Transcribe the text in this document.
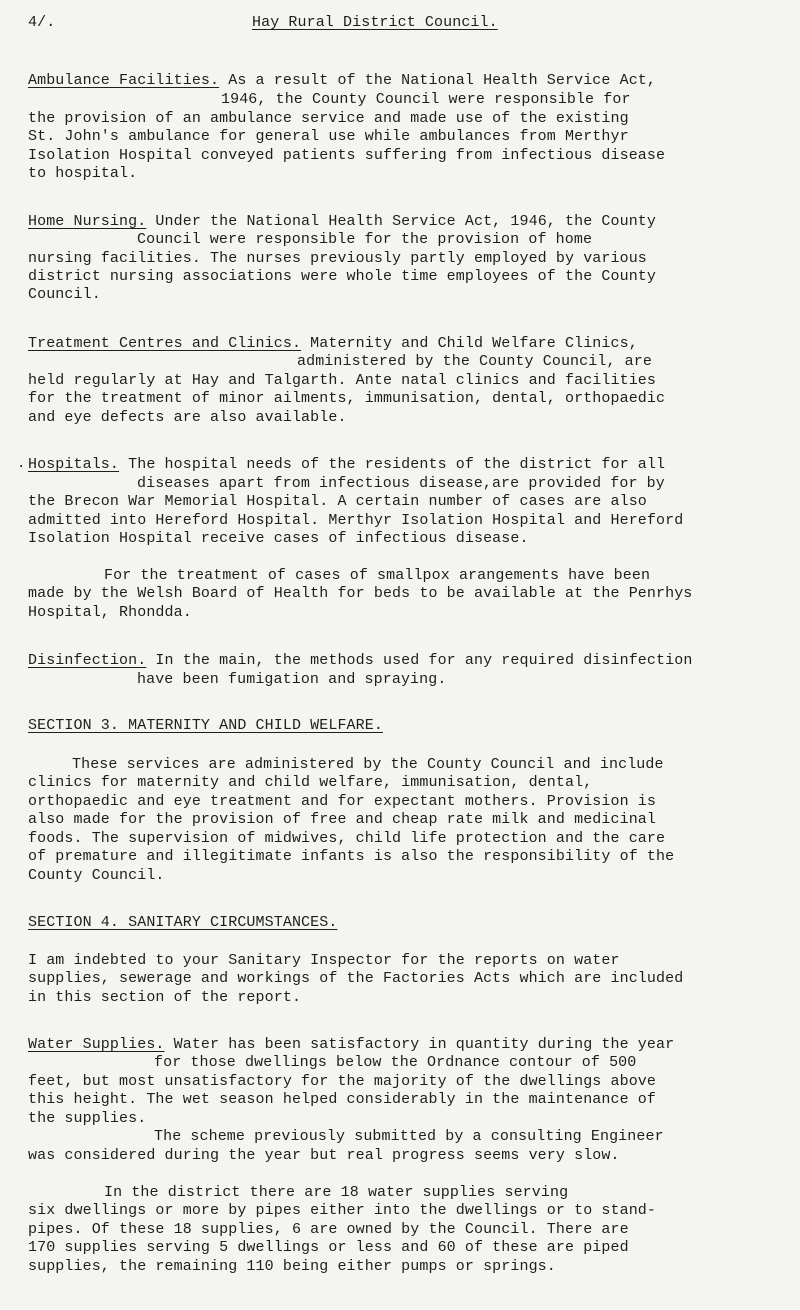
4/.	Hay Rural District Council.
Ambulance Facilities. As a result of the National Health Service Act,
1946, the County Council were responsible for
the provision of an ambulance service and made use of the existing
St. John's ambulance for general use while ambulances from Merthyr
Isolation Hospital conveyed patients suffering from infectious disease
to hospital.
Home Nursing. Under the National Health Service Act, 1946, the County
Council were responsible for the provision of home
nursing facilities. The nurses previously partly employed by various
district nursing associations were whole time employees of the County
Council.
Treatment Centres and Clinics. Maternity and Child Welfare Clinics,
administered by the County Council, are
held regularly at Hay and Talgarth. Ante natal clinics and facilities
for the treatment of minor ailments, immunisation, dental, orthopaedic
and eye defects are also available.
· Hospitals. The hospital needs of the residents of the district for all
diseases apart from infectious disease,are provided for by
the Brecon War Memorial Hospital. A certain number of cases are also
admitted into Hereford Hospital. Merthyr Isolation Hospital and Hereford
Isolation Hospital receive cases of infectious disease.
For the treatment of cases of smallpox arangements have been
made by the Welsh Board of Health for beds to be available at the Penrhys
Hospital, Rhondda.
Disinfection. In the main, the methods used for any required disinfection
have been fumigation and spraying.
SECTION 3. MATERNITY AND CHILD WELFARE.
These services are administered by the County Council and include
clinics for maternity and child welfare, immunisation, dental,
orthopaedic and eye treatment and for expectant mothers. Provision is
also made for the provision of free and cheap rate milk and medicinal
foods. The supervision of midwives, child life protection and the care
of premature and illegitimate infants is also the responsibility of the
County Council.
SECTION 4. SANITARY CIRCUMSTANCES.
I am indebted to your Sanitary Inspector for the reports on water
supplies, sewerage and workings of the Factories Acts which are included
in this section of the report.
Water Supplies. Water has been satisfactory in quantity during the year
for those dwellings below the Ordnance contour of 500
feet, but most unsatisfactory for the majority of the dwellings above
this height. The wet season helped considerably in the maintenance of
the supplies.
The scheme previously submitted by a consulting Engineer
was considered during the year but real progress seems very slow.
In the district there are 18 water supplies serving
six dwellings or more by pipes either into the dwellings or to stand-
pipes. Of these 18 supplies, 6 are owned by the Council. There are
170 supplies serving 5 dwellings or less and 60 of these are piped
supplies, the remaining 110 being either pumps or springs.
